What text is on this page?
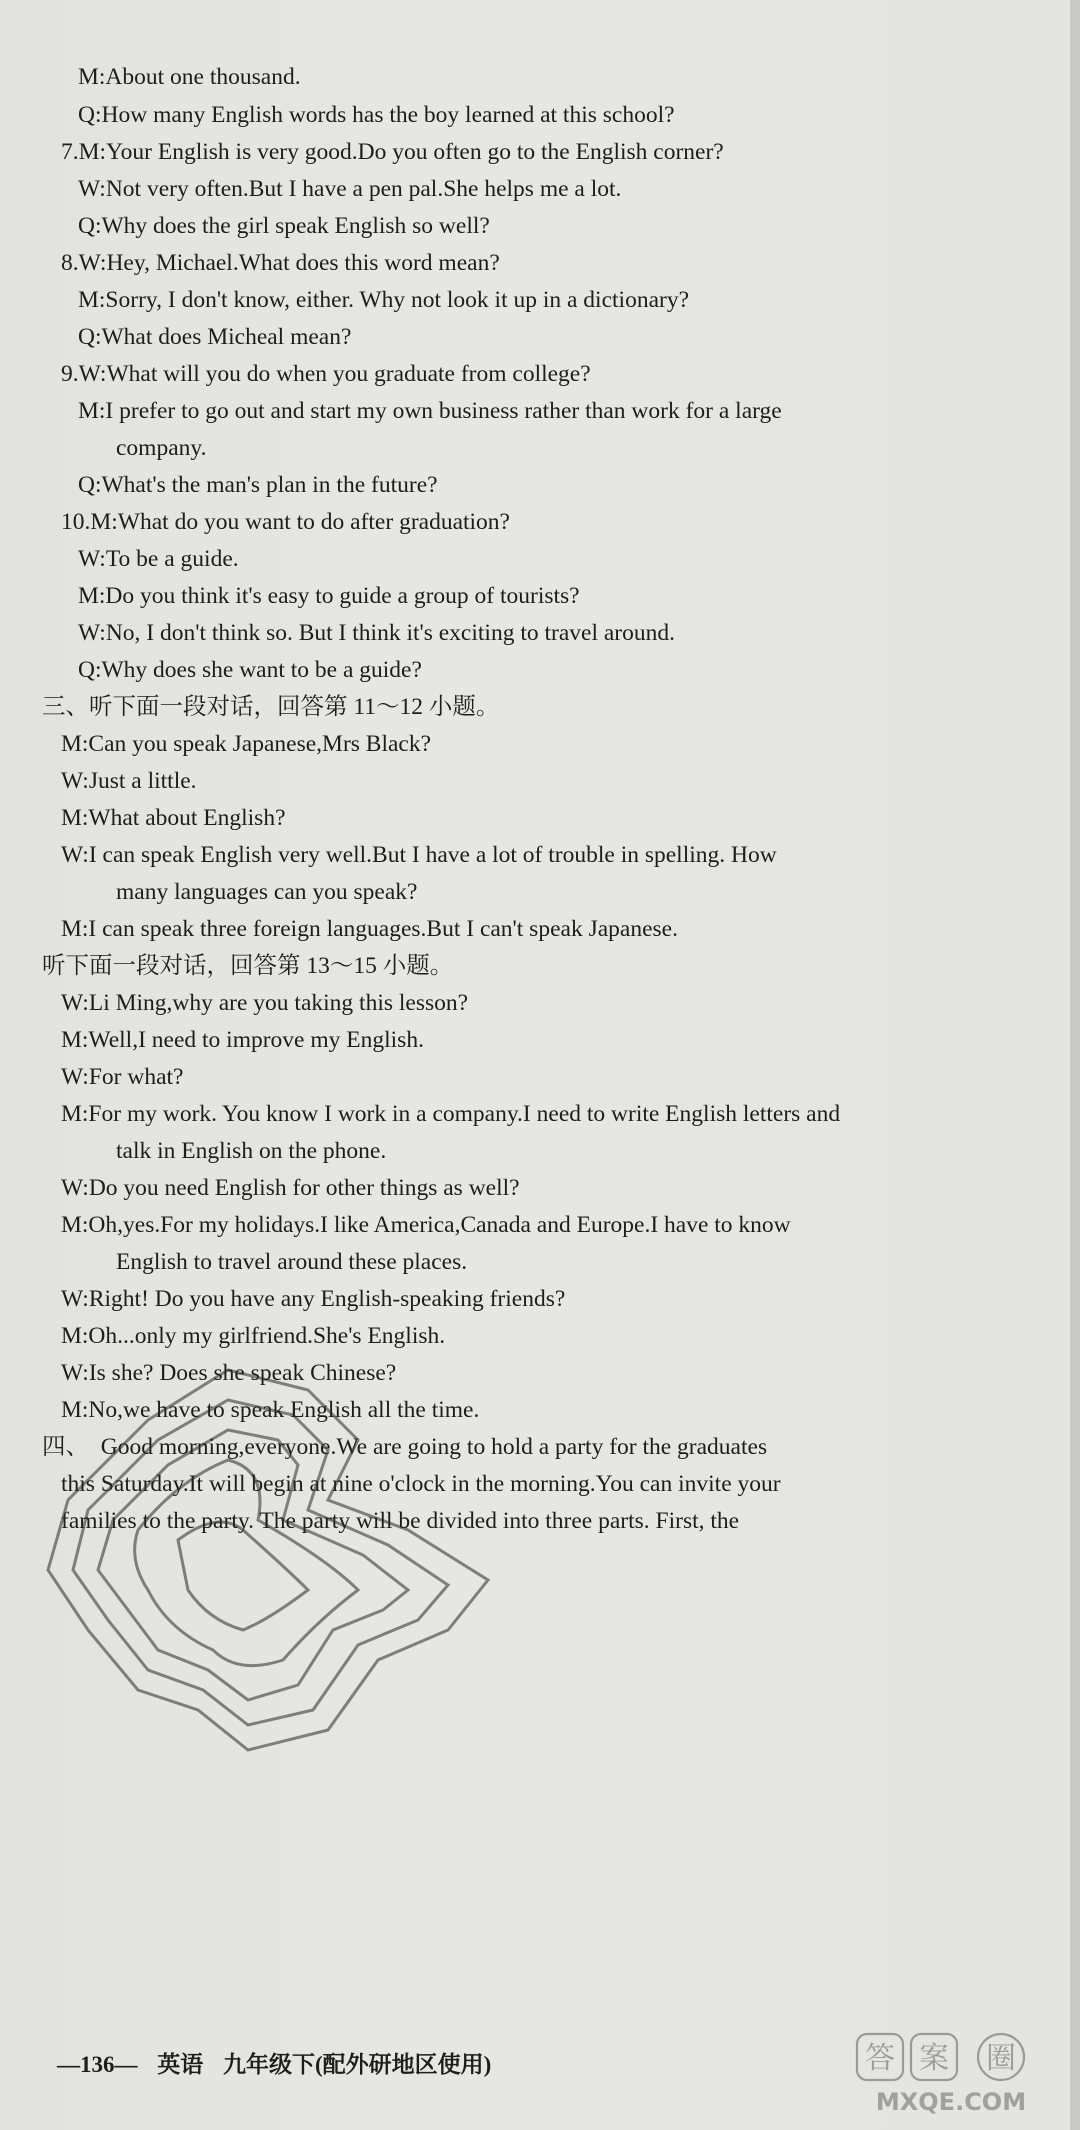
M:About one thousand.
Q:How many English words has the boy learned at this school?
7.M:Your English is very good.Do you often go to the English corner?
W:Not very often.But I have a pen pal.She helps me a lot.
Q:Why does the girl speak English so well?
8.W:Hey, Michael.What does this word mean?
M:Sorry, I don't know, either. Why not look it up in a dictionary?
Q:What does Micheal mean?
9.W:What will you do when you graduate from college?
M:I prefer to go out and start my own business rather than work for a large
company.
Q:What's the man's plan in the future?
10.M:What do you want to do after graduation?
W:To be a guide.
M:Do you think it's easy to guide a group of tourists?
W:No, I don't think so. But I think it's exciting to travel around.
Q:Why does she want to be a guide?
三、听下面一段对话，回答第 11～12 小题。
M:Can you speak Japanese,Mrs Black?
W:Just a little.
M:What about English?
W:I can speak English very well.But I have a lot of trouble in spelling. How
many languages can you speak?
M:I can speak three foreign languages.But I can't speak Japanese.
听下面一段对话，回答第 13～15 小题。
W:Li Ming,why are you taking this lesson?
M:Well,I need to improve my English.
W:For what?
M:For my work. You know I work in a company.I need to write English letters and
talk in English on the phone.
W:Do you need English for other things as well?
M:Oh,yes.For my holidays.I like America,Canada and Europe.I have to know
English to travel around these places.
W:Right! Do you have any English-speaking friends?
M:Oh...only my girlfriend.She's English.
W:Is she? Does she speak Chinese?
M:No,we have to speak English all the time.
四、　Good morning,everyone.We are going to hold a party for the graduates
this Saturday.It will begin at nine o'clock in the morning.You can invite your
families to the party. The party will be divided into three parts. First, the
—136— 英语 九年级下(配外研地区使用)	答 案 圈
MXQE.COM
